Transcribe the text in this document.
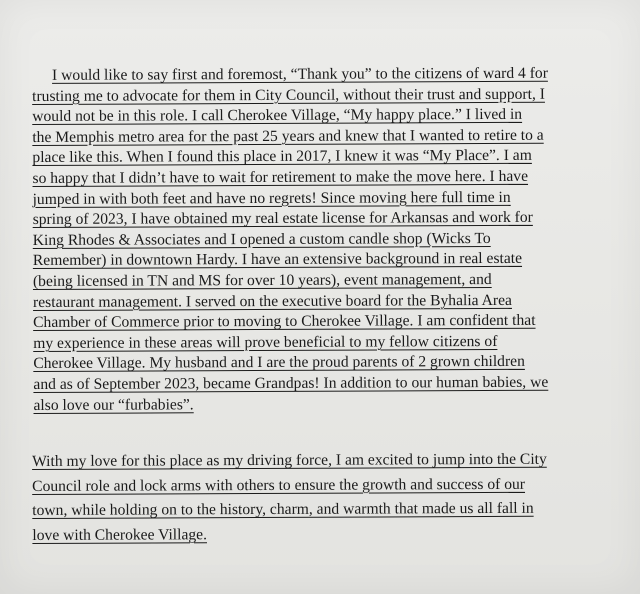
I would like to say first and foremost, “Thank you” to the citizens of ward 4 for
trusting me to advocate for them in City Council, without their trust and support, I
would not be in this role. I call Cherokee Village, “My happy place.” I lived in
the Memphis metro area for the past 25 years and knew that I wanted to retire to a
place like this. When I found this place in 2017, I knew it was “My Place”. I am
so happy that I didn’t have to wait for retirement to make the move here. I have
jumped in with both feet and have no regrets! Since moving here full time in
spring of 2023, I have obtained my real estate license for Arkansas and work for
King Rhodes & Associates and I opened a custom candle shop (Wicks To
Remember) in downtown Hardy. I have an extensive background in real estate
(being licensed in TN and MS for over 10 years), event management, and
restaurant management. I served on the executive board for the Byhalia Area
Chamber of Commerce prior to moving to Cherokee Village. I am confident that
my experience in these areas will prove beneficial to my fellow citizens of
Cherokee Village. My husband and I are the proud parents of 2 grown children
and as of September 2023, became Grandpas! In addition to our human babies, we
also love our “furbabies”.
With my love for this place as my driving force, I am excited to jump into the City
Council role and lock arms with others to ensure the growth and success of our
town, while holding on to the history, charm, and warmth that made us all fall in
love with Cherokee Village.
